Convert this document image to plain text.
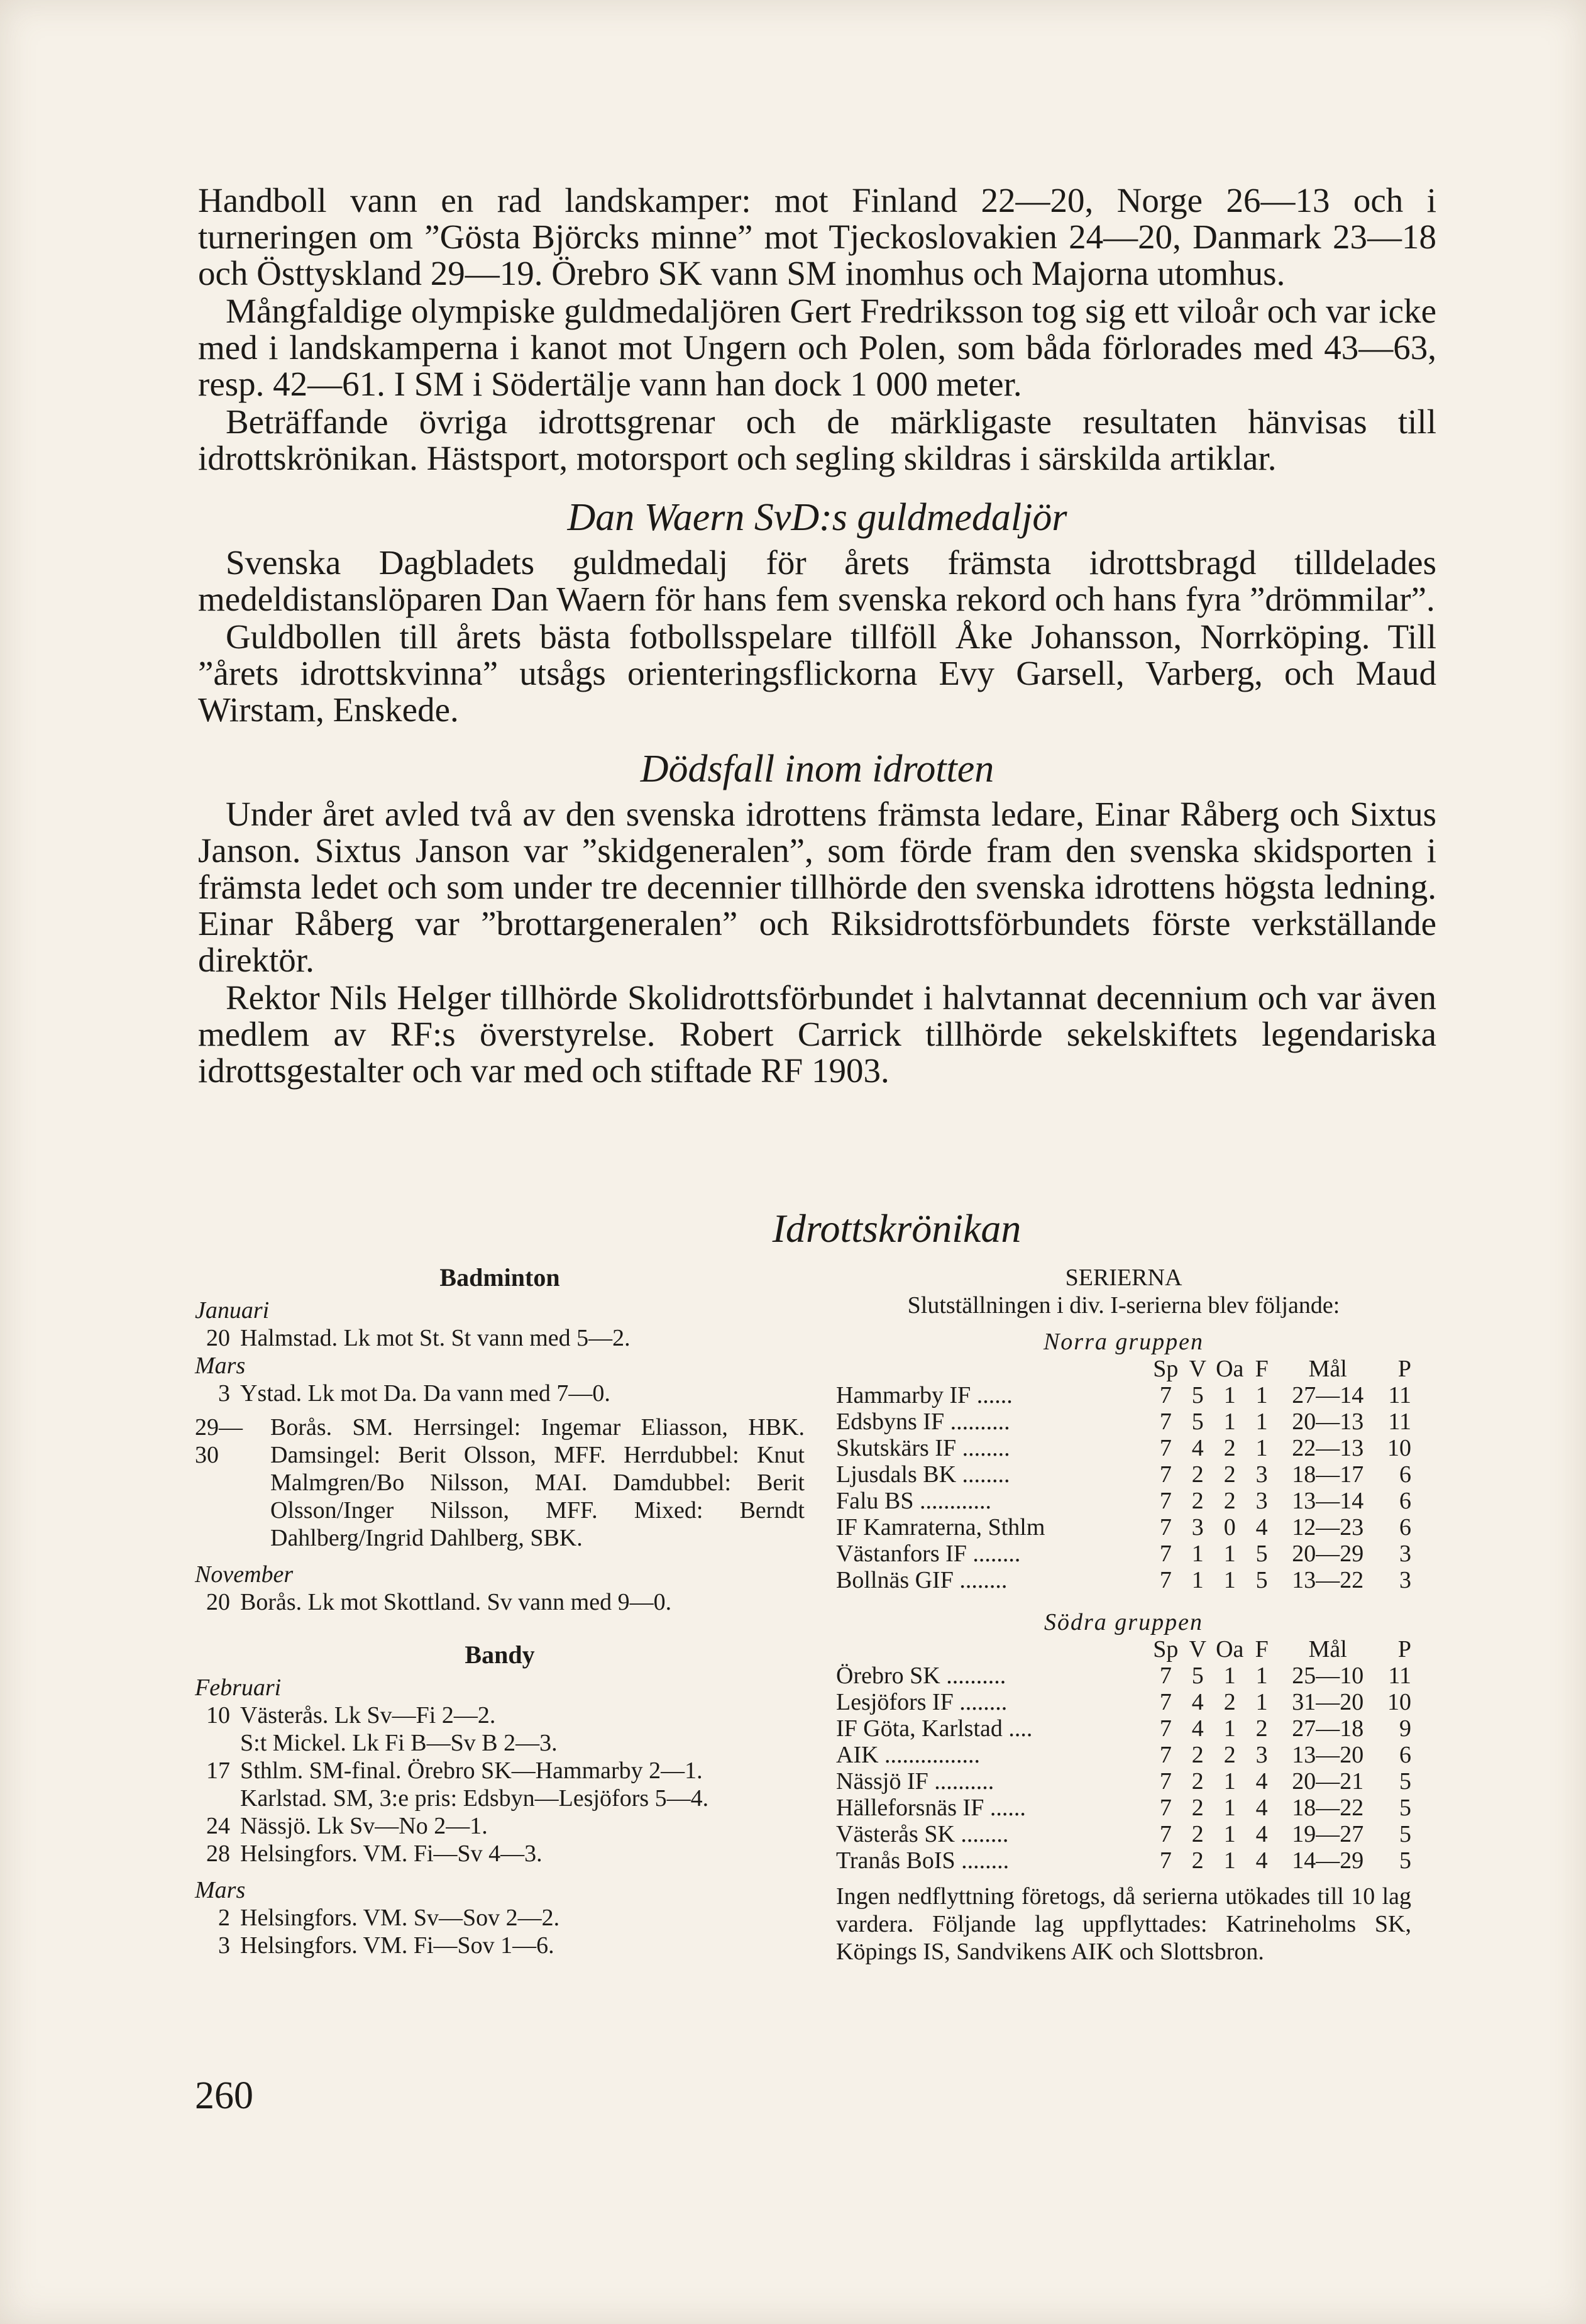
Handboll vann en rad landskamper: mot Finland 22—20, Norge 26—13 och i turneringen om ”Gösta Björcks minne” mot Tjeckoslovakien 24—20, Danmark 23—18 och Östtyskland 29—19. Örebro SK vann SM inomhus och Majorna utomhus.

Mångfaldige olympiske guldmedaljören Gert Fredriksson tog sig ett viloår och var icke med i landskamperna i kanot mot Ungern och Polen, som båda förlorades med 43—63, resp. 42—61. I SM i Södertälje vann han dock 1 000 meter.

Beträffande övriga idrottsgrenar och de märkligaste resultaten hänvisas till idrottskrönikan. Hästsport, motorsport och segling skildras i särskilda artiklar.

Dan Waern SvD:s guldmedaljör

Svenska Dagbladets guldmedalj för årets främsta idrottsbragd tilldelades medeldistanslöparen Dan Waern för hans fem svenska rekord och hans fyra ”drömmilar”.

Guldbollen till årets bästa fotbollsspelare tillföll Åke Johansson, Norrköping. Till ”årets idrottskvinna” utsågs orienteringsflickorna Evy Garsell, Varberg, och Maud Wirstam, Enskede.

Dödsfall inom idrotten

Under året avled två av den svenska idrottens främsta ledare, Einar Råberg och Sixtus Janson. Sixtus Janson var ”skidgeneralen”, som förde fram den svenska skidsporten i främsta ledet och som under tre decennier tillhörde den svenska idrottens högsta ledning. Einar Råberg var ”brottargeneralen” och Riksidrottsförbundets förste verkställande direktör.

Rektor Nils Helger tillhörde Skolidrottsförbundet i halvtannat decennium och var även medlem av RF:s överstyrelse. Robert Carrick tillhörde sekelskiftets legendariska idrottsgestalter och var med och stiftade RF 1903.

Idrottskrönikan
Badminton
Januari
20 Halmstad. Lk mot St. St vann med 5—2.
Mars
3 Ystad. Lk mot Da. Da vann med 7—0.
29—30
Borås. SM. Herrsingel: Ingemar Eliasson, HBK. Damsingel: Berit Olsson, MFF. Herrdubbel: Knut Malmgren/Bo Nilsson, MAI. Damdubbel: Berit Olsson/Inger Nilsson, MFF. Mixed: Berndt Dahlberg/Ingrid Dahlberg, SBK.
November
20 Borås. Lk mot Skottland. Sv vann med 9—0.
Bandy
Februari
10 Västerås. Lk Sv—Fi 2—2.
S:t Mickel. Lk Fi B—Sv B 2—3.
17 Sthlm. SM-final. Örebro SK—Hammarby 2—1.
Karlstad. SM, 3:e pris: Edsbyn—Lesjöfors 5—4.
24 Nässjö. Lk Sv—No 2—1.
28 Helsingfors. VM. Fi—Sv 4—3.
Mars
2 Helsingfors. VM. Sv—Sov 2—2.
3 Helsingfors. VM. Fi—Sov 1—6.
SERIERNA
Slutställningen i div. I-serierna blev följande:
Norra gruppen
	Sp	V	Oa	F	Mål	P
Hammarby IF ......	7	5	1	1	27—14	11
Edsbyns IF ..........	7	5	1	1	20—13	11
Skutskärs IF ........	7	4	2	1	22—13	10
Ljusdals BK ........	7	2	2	3	18—17	6
Falu BS ............	7	2	2	3	13—14	6
IF Kamraterna, Sthlm	7	3	0	4	12—23	6
Västanfors IF ........	7	1	1	5	20—29	3
Bollnäs GIF ........	7	1	1	5	13—22	3
Södra gruppen
	Sp	V	Oa	F	Mål	P
Örebro SK ..........	7	5	1	1	25—10	11
Lesjöfors IF ........	7	4	2	1	31—20	10
IF Göta, Karlstad ....	7	4	1	2	27—18	9
AIK ................	7	2	2	3	13—20	6
Nässjö IF ..........	7	2	1	4	20—21	5
Hälleforsnäs IF ......	7	2	1	4	18—22	5
Västerås SK ........	7	2	1	4	19—27	5
Tranås BoIS ........	7	2	1	4	14—29	5
Ingen nedflyttning företogs, då serierna utökades till 10 lag vardera. Följande lag uppflyttades: Katrineholms SK, Köpings IS, Sandvikens AIK och Slottsbron.
260
